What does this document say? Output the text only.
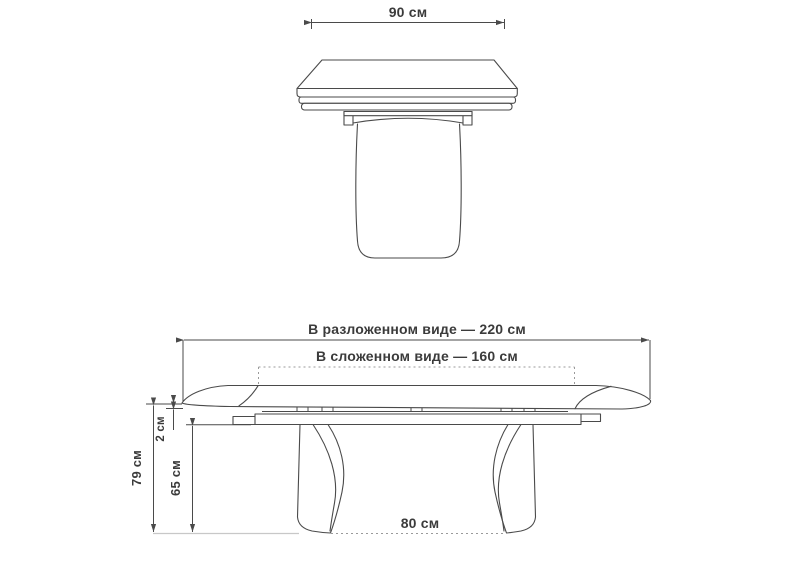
90 см
В разложенном виде — 220 см
В сложенном виде — 160 см
79 см
2 см
65 см
80 см
